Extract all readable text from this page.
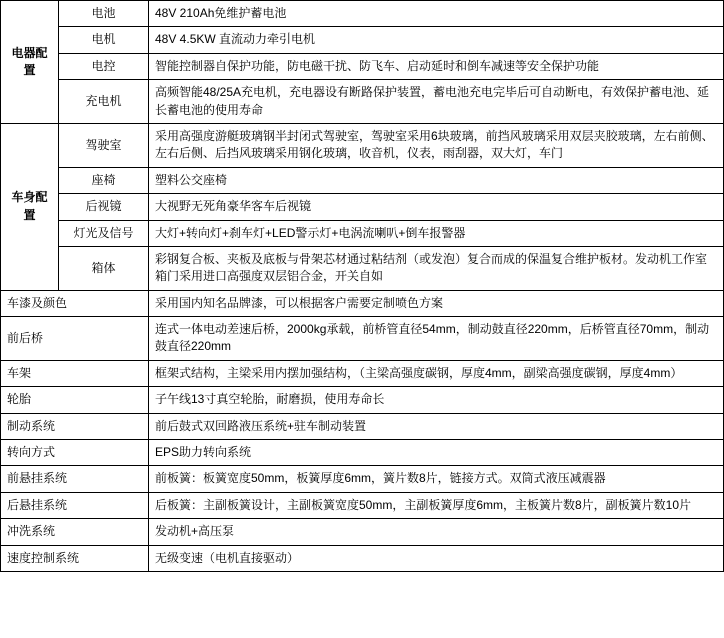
电器配置	电池	48V 210Ah免维护蓄电池
	电机	48V 4.5KW 直流动力牵引电机
	电控	智能控制器自保护功能，防电磁干扰、防飞车、启动延时和倒车减速等安全保护功能
	充电机	高频智能48/25A充电机，充电器设有断路保护装置，蓄电池充电完毕后可自动断电，有效保护蓄电池、延长蓄电池的使用寿命
车身配置	驾驶室	采用高强度游艇玻璃钢半封闭式驾驶室，驾驶室采用6块玻璃，前挡风玻璃采用双层夹胶玻璃，左右前侧、左右后侧、后挡风玻璃采用钢化玻璃，收音机，仪表，雨刮器，双大灯，车门
	座椅	塑料公交座椅
	后视镜	大视野无死角豪华客车后视镜
	灯光及信号	大灯+转向灯+刹车灯+LED警示灯+电涡流喇叭+倒车报警器
	箱体	彩钢复合板、夹板及底板与骨架芯材通过粘结剂（或发泡）复合而成的保温复合维护板材。发动机工作室箱门采用进口高强度双层铝合金，开关自如
车漆及颜色		采用国内知名品牌漆，可以根据客户需要定制喷色方案
前后桥		连式一体电动差速后桥，2000kg承载，前桥管直径54mm，制动鼓直径220mm，后桥管直径70mm，制动鼓直径220mm
车架		框架式结构，主梁采用内摆加强结构，（主梁高强度碳钢，厚度4mm，副梁高强度碳钢，厚度4mm）
轮胎		子午线13寸真空轮胎，耐磨损，使用寿命长
制动系统		前后鼓式双回路液压系统+驻车制动装置
转向方式		EPS助力转向系统
前悬挂系统		前板簧：板簧宽度50mm，板簧厚度6mm，簧片数8片，链接方式。双筒式液压减震器
后悬挂系统		后板簧：主副板簧设计，主副板簧宽度50mm，主副板簧厚度6mm，主板簧片数8片，副板簧片数10片
冲洗系统		发动机+高压泵
速度控制系统		无级变速（电机直接驱动）
